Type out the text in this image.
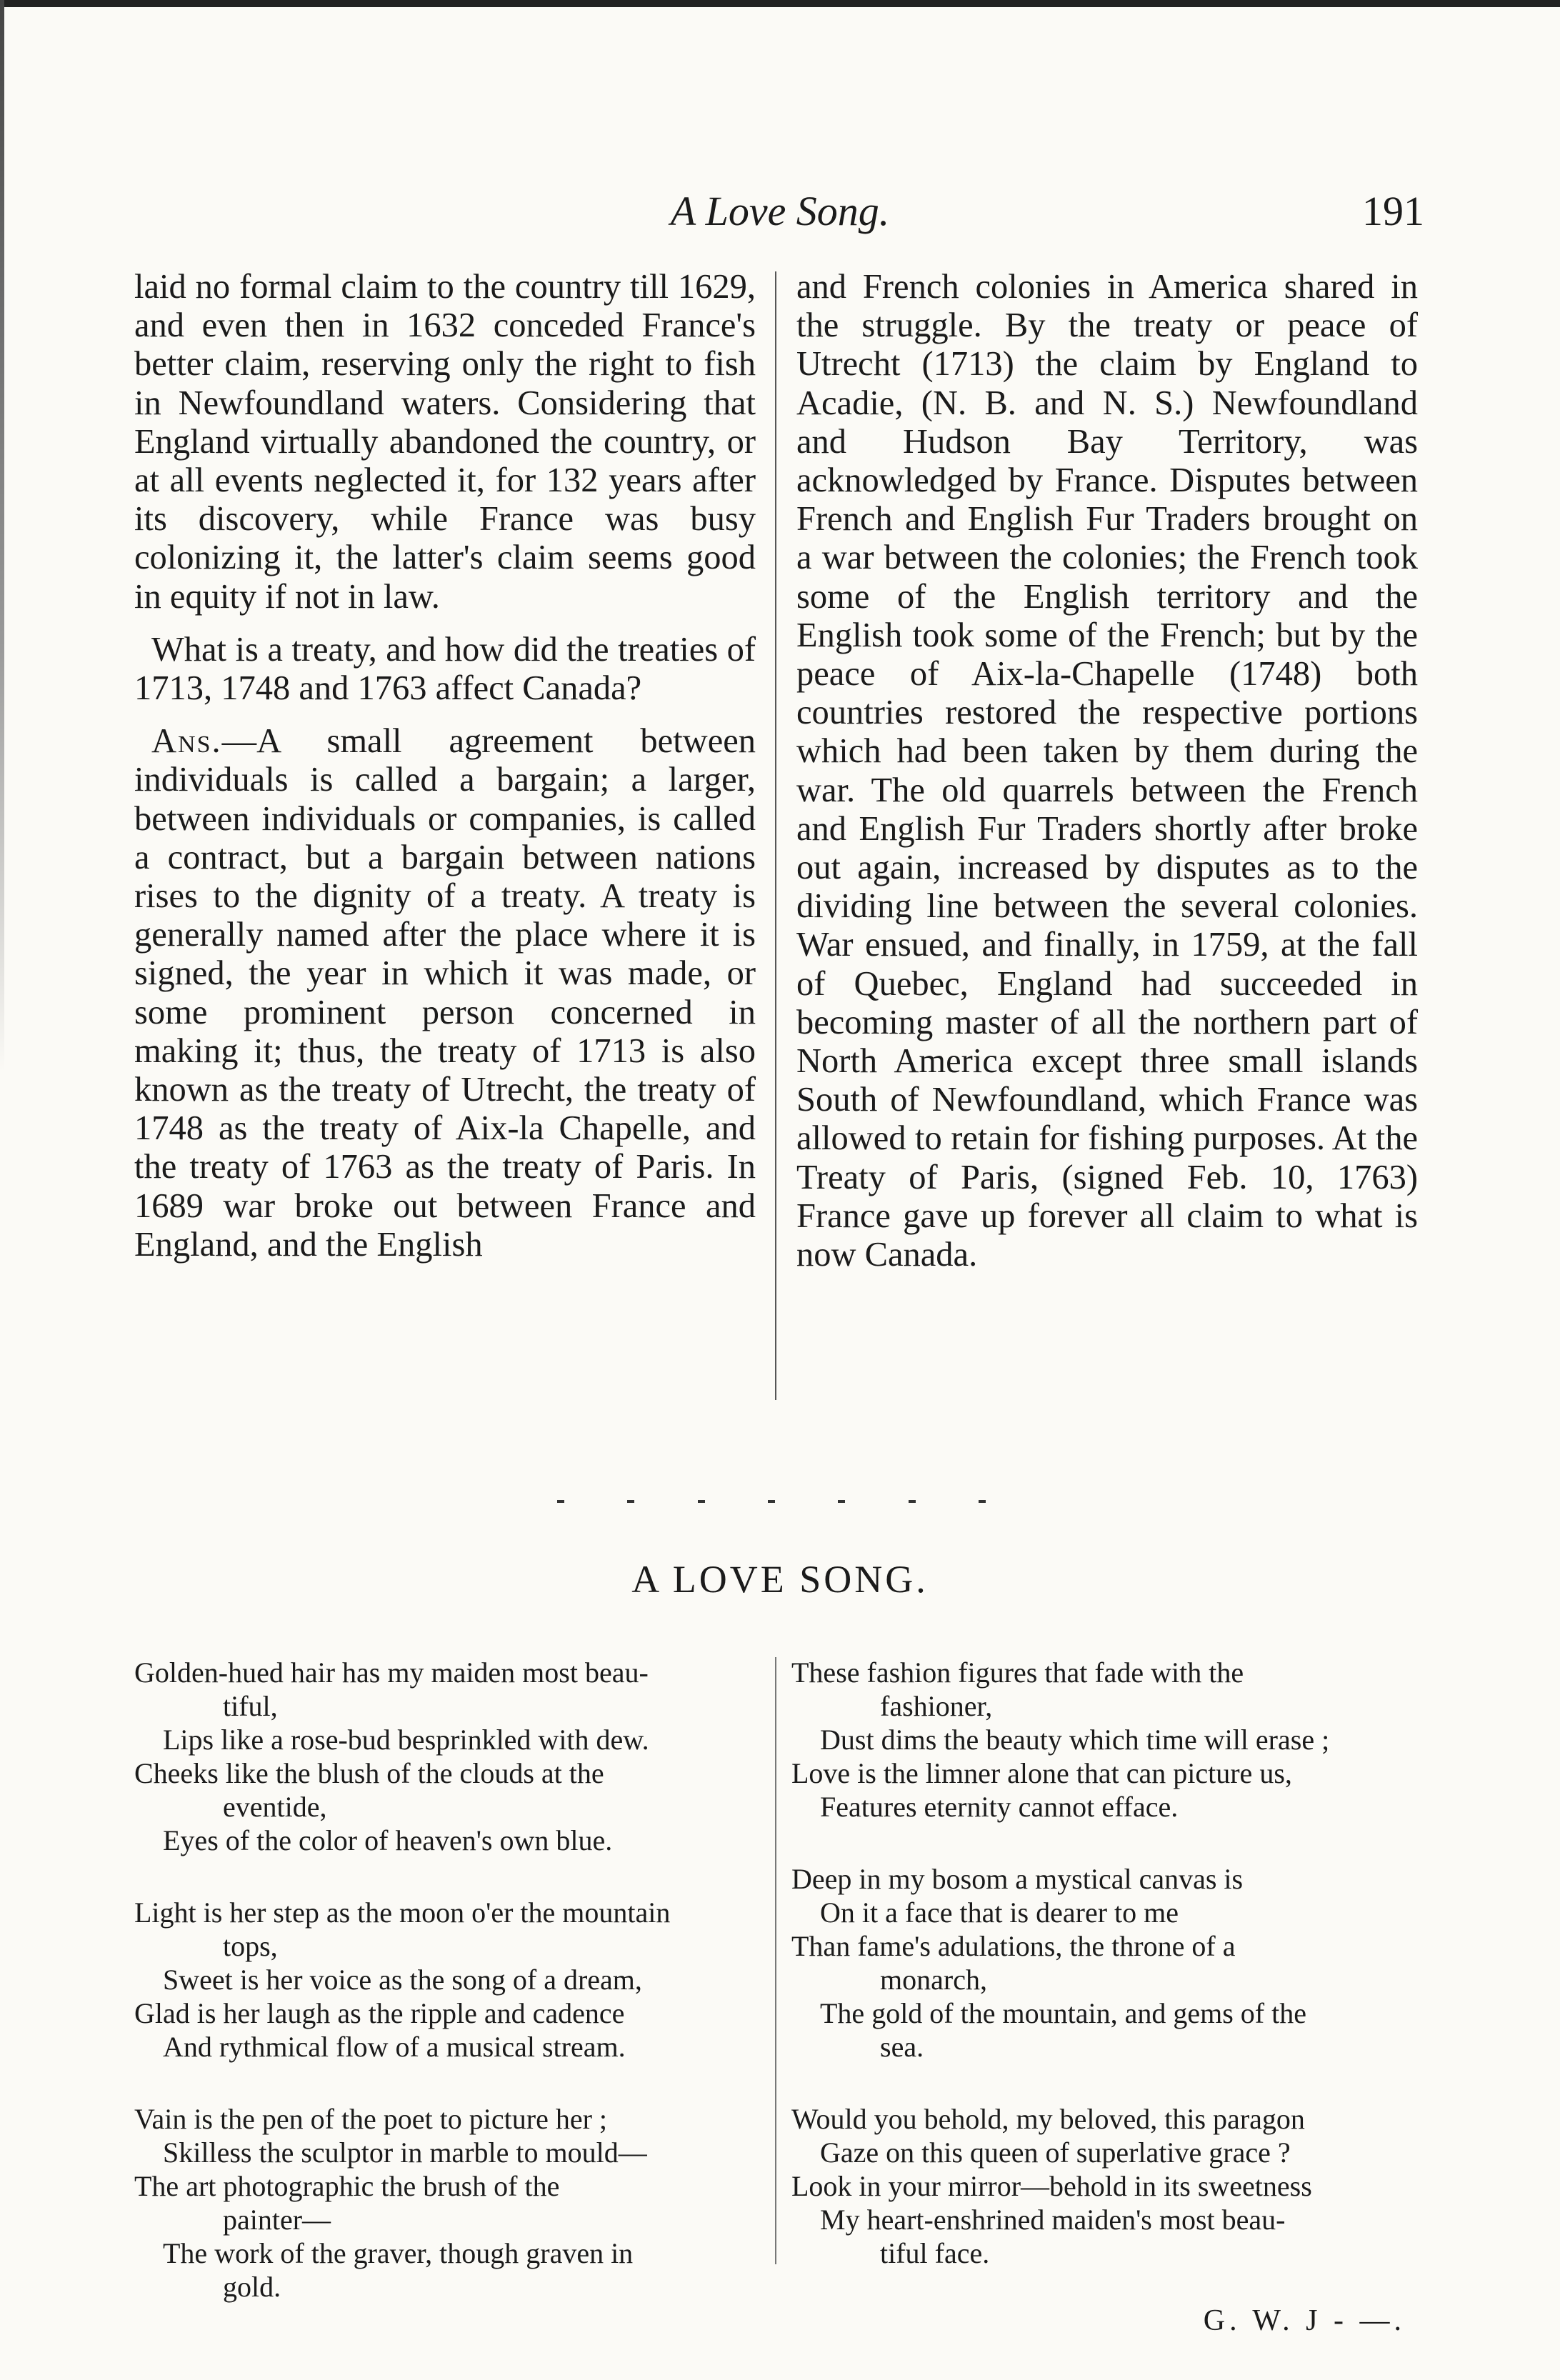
A Love Song.	191

laid no formal claim to the country till 1629, and even then in 1632 conceded France's better claim, reserving only the right to fish in Newfoundland waters. Considering that England virtually abandoned the country, or at all events neglected it, for 132 years after its discovery, while France was busy colonizing it, the latter's claim seems good in equity if not in law.

What is a treaty, and how did the treaties of 1713, 1748 and 1763 affect Canada?

Ans.—A small agreement between individuals is called a bargain; a larger, between individuals or companies, is called a contract, but a bargain between nations rises to the dignity of a treaty. A treaty is generally named after the place where it is signed, the year in which it was made, or some prominent person concerned in making it; thus, the treaty of 1713 is also known as the treaty of Utrecht, the treaty of 1748 as the treaty of Aix-la Chapelle, and the treaty of 1763 as the treaty of Paris. In 1689 war broke out between France and England, and the English

and French colonies in America shared in the struggle. By the treaty or peace of Utrecht (1713) the claim by England to Acadie, (N. B. and N. S.) Newfoundland and Hudson Bay Territory, was acknowledged by France. Disputes between French and English Fur Traders brought on a war between the colonies; the French took some of the English territory and the English took some of the French; but by the peace of Aix-la-Chapelle (1748) both countries restored the respective portions which had been taken by them during the war. The old quarrels between the French and English Fur Traders shortly after broke out again, increased by disputes as to the dividing line between the several colonies. War ensued, and finally, in 1759, at the fall of Quebec, England had succeeded in becoming master of all the northern part of North America except three small islands South of Newfoundland, which France was allowed to retain for fishing purposes. At the Treaty of Paris, (signed Feb. 10, 1763) France gave up forever all claim to what is now Canada.

A LOVE SONG.
Golden-hued hair has my maiden most beau-
tiful,
Lips like a rose-bud besprinkled with dew.
Cheeks like the blush of the clouds at the
eventide,
Eyes of the color of heaven's own blue.
Light is her step as the moon o'er the mountain
tops,
Sweet is her voice as the song of a dream,
Glad is her laugh as the ripple and cadence
And rythmical flow of a musical stream.
Vain is the pen of the poet to picture her ;
Skilless the sculptor in marble to mould—
The art photographic the brush of the
painter—
The work of the graver, though graven in
gold.
These fashion figures that fade with the
fashioner,
Dust dims the beauty which time will erase ;
Love is the limner alone that can picture us,
Features eternity cannot efface.
Deep in my bosom a mystical canvas is
On it a face that is dearer to me
Than fame's adulations, the throne of a
monarch,
The gold of the mountain, and gems of the
sea.
Would you behold, my beloved, this paragon
Gaze on this queen of superlative grace ?
Look in your mirror—behold in its sweetness
My heart-enshrined maiden's most beau-
tiful face.
G. W. J - —.
